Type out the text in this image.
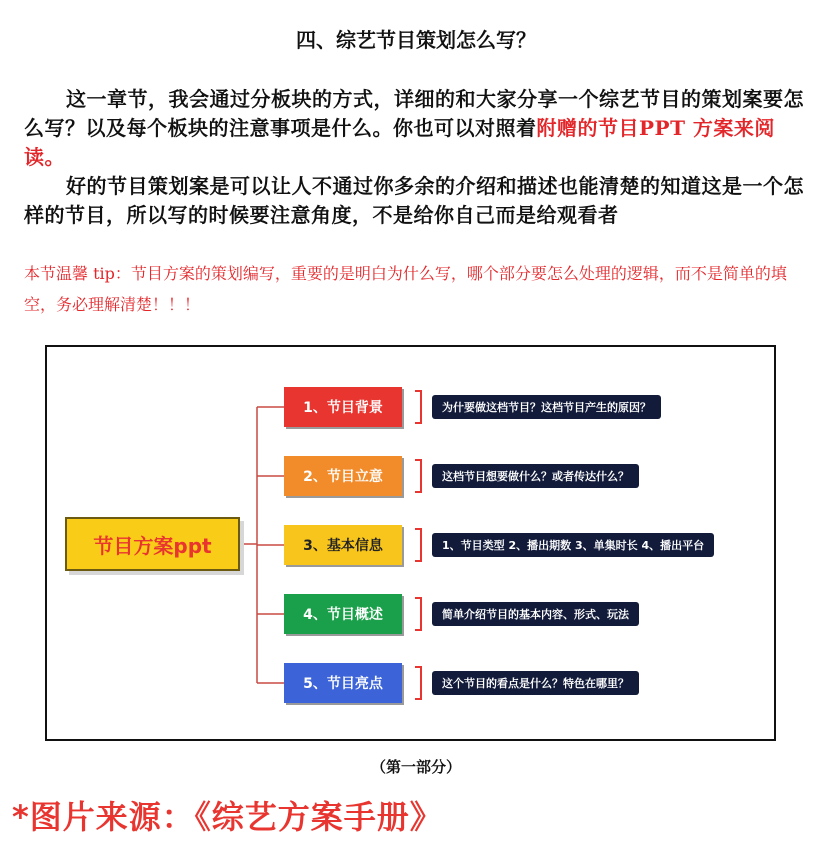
四、综艺节目策划怎么写？
这一章节，我会通过分板块的方式，详细的和大家分享一个综艺节目的策划案要怎么写？以及每个板块的注意事项是什么。你也可以对照着附赠的节目PPT 方案来阅读。
好的节目策划案是可以让人不通过你多余的介绍和描述也能清楚的知道这是一个怎样的节目，所以写的时候要注意角度，不是给你自己而是给观看者
本节温馨 tip：节目方案的策划编写，重要的是明白为什么写，哪个部分要怎么处理的逻辑，而不是简单的填空，务必理解清楚！！！
节目方案ppt
1、节目背景	为什要做这档节目？这档节目产生的原因？
2、节目立意	这档节目想要做什么？或者传达什么？
3、基本信息	1、节目类型 2、播出期数 3、单集时长 4、播出平台
4、节目概述	简单介绍节目的基本内容、形式、玩法
5、节目亮点	这个节目的看点是什么？特色在哪里？
（第一部分）
*图片来源：《综艺方案手册》
